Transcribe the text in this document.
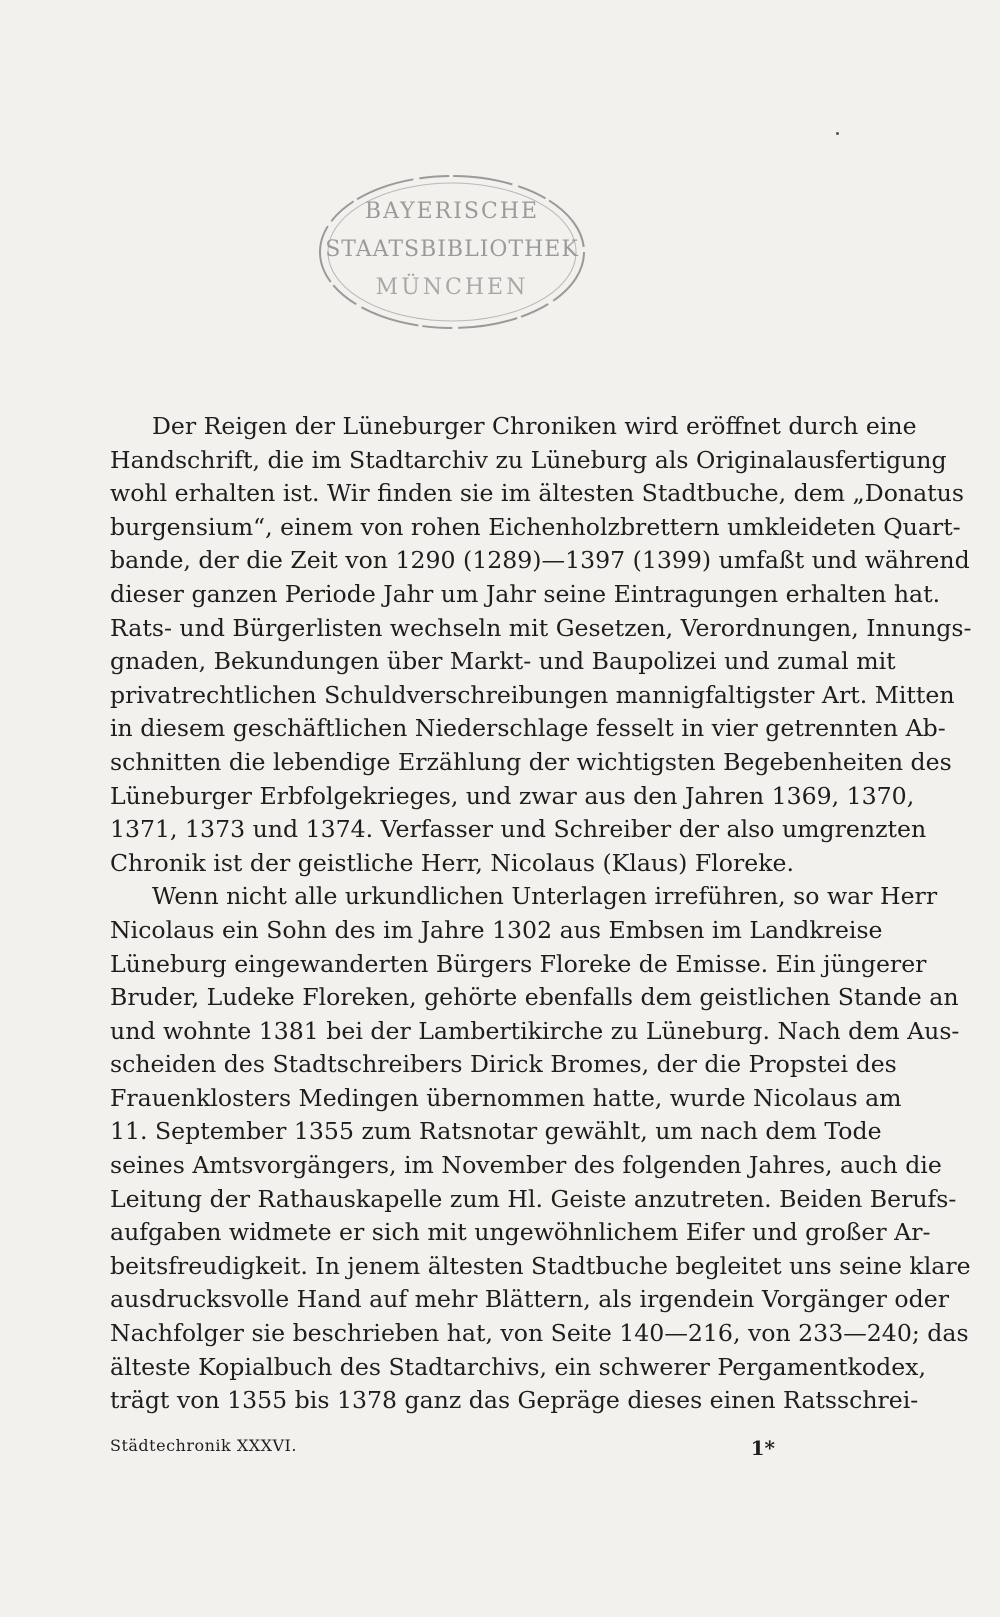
BAYERISCHE
STAATSBIBLIOTHEK
MÜNCHEN
Der Reigen der Lüneburger Chroniken wird eröffnet durch eine
Handschrift, die im Stadtarchiv zu Lüneburg als Originalausfertigung
wohl erhalten ist. Wir finden sie im ältesten Stadtbuche, dem „Donatus
burgensium“, einem von rohen Eichenholzbrettern umkleideten Quart-
bande, der die Zeit von 1290 (1289)—1397 (1399) umfaßt und während
dieser ganzen Periode Jahr um Jahr seine Eintragungen erhalten hat.
Rats- und Bürgerlisten wechseln mit Gesetzen, Verordnungen, Innungs-
gnaden, Bekundungen über Markt- und Baupolizei und zumal mit
privatrechtlichen Schuldverschreibungen mannigfaltigster Art. Mitten
in diesem geschäftlichen Niederschlage fesselt in vier getrennten Ab-
schnitten die lebendige Erzählung der wichtigsten Begebenheiten des
Lüneburger Erbfolgekrieges, und zwar aus den Jahren 1369, 1370,
1371, 1373 und 1374. Verfasser und Schreiber der also umgrenzten
Chronik ist der geistliche Herr, Nicolaus (Klaus) Floreke.
Wenn nicht alle urkundlichen Unterlagen irreführen, so war Herr
Nicolaus ein Sohn des im Jahre 1302 aus Embsen im Landkreise
Lüneburg eingewanderten Bürgers Floreke de Emisse. Ein jüngerer
Bruder, Ludeke Floreken, gehörte ebenfalls dem geistlichen Stande an
und wohnte 1381 bei der Lambertikirche zu Lüneburg. Nach dem Aus-
scheiden des Stadtschreibers Dirick Bromes, der die Propstei des
Frauenklosters Medingen übernommen hatte, wurde Nicolaus am
11. September 1355 zum Ratsnotar gewählt, um nach dem Tode
seines Amtsvorgängers, im November des folgenden Jahres, auch die
Leitung der Rathauskapelle zum Hl. Geiste anzutreten. Beiden Berufs-
aufgaben widmete er sich mit ungewöhnlichem Eifer und großer Ar-
beitsfreudigkeit. In jenem ältesten Stadtbuche begleitet uns seine klare
ausdrucksvolle Hand auf mehr Blättern, als irgendein Vorgänger oder
Nachfolger sie beschrieben hat, von Seite 140—216, von 233—240; das
älteste Kopialbuch des Stadtarchivs, ein schwerer Pergamentkodex,
trägt von 1355 bis 1378 ganz das Gepräge dieses einen Ratsschrei-
Städtechronik XXXVI.	1*
